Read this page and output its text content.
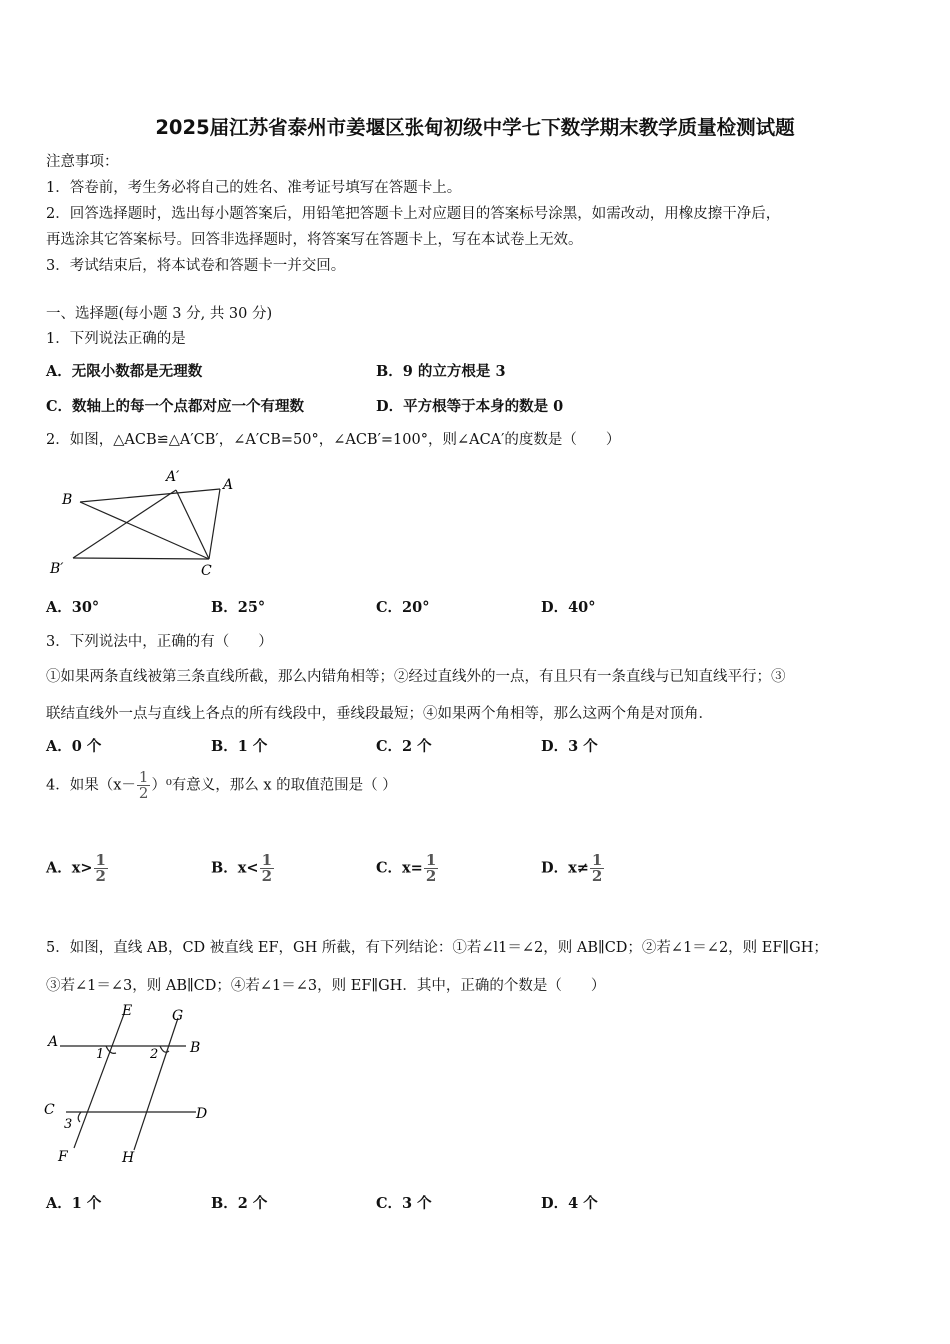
2025届江苏省泰州市姜堰区张甸初级中学七下数学期末教学质量检测试题
注意事项：
1．答卷前，考生务必将自己的姓名、准考证号填写在答题卡上。
2．回答选择题时，选出每小题答案后，用铅笔把答题卡上对应题目的答案标号涂黑，如需改动，用橡皮擦干净后，
再选涂其它答案标号。回答非选择题时，将答案写在答题卡上，写在本试卷上无效。
3．考试结束后，将本试卷和答题卡一并交回。
一、选择题(每小题 3 分, 共 30 分)
1．下列说法正确的是
A．无限小数都是无理数	B．9 的立方根是 3
C．数轴上的每一个点都对应一个有理数	D．平方根等于本身的数是 0
2．如图，△ACB≌△A′CB′，∠A′CB=50°，∠ACB′=100°，则∠ACA′的度数是（　　）
B
A′	A
B′	C
A．30°	B．25°	C．20°	D．40°
3．下列说法中，正确的有（　　）
①如果两条直线被第三条直线所截，那么内错角相等；②经过直线外的一点，有且只有一条直线与已知直线平行；③
联结直线外一点与直线上各点的所有线段中，垂线段最短；④如果两个角相等，那么这两个角是对顶角．
A．0 个	B．1 个	C．2 个	D．3 个
4．如果$(x- \frac{1}{2} )^0$有意义，那么 x 的取值范围是（ ）
A．$x> \frac{1}{2}$	B．$x< \frac{1}{2}$	C．$x= \frac{1}{2}$	D．$x\ne \frac{1}{2}$
5．如图，直线 AB，CD 被直线 EF，GH 所截，有下列结论：①若∠l1＝∠2，则 AB∥CD；②若∠1＝∠2，则 EF∥GH；
③若∠1＝∠3，则 AB∥CD；④若∠1＝∠3，则 EF∥GH．其中，正确的个数是（　　）
A	B
C	D
E
F
G
H
1	2
3
A．1 个	B．2 个	C．3 个	D．4 个
